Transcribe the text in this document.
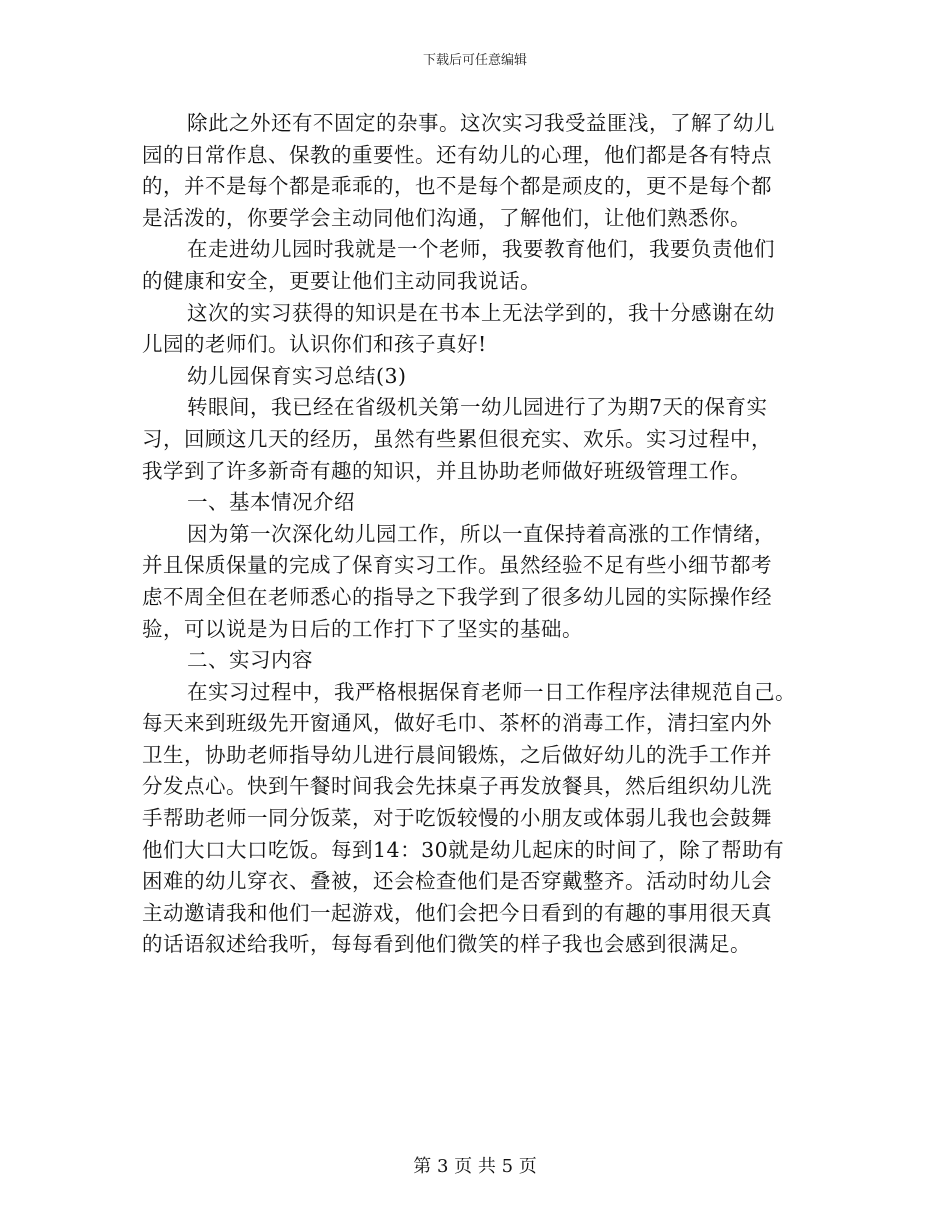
下载后可任意编辑
除此之外还有不固定的杂事。这次实习我受益匪浅，了解了幼儿
园的日常作息、保教的重要性。还有幼儿的心理，他们都是各有特点
的，并不是每个都是乖乖的，也不是每个都是顽皮的，更不是每个都
是活泼的，你要学会主动同他们沟通，了解他们，让他们熟悉你。
在走进幼儿园时我就是一个老师，我要教育他们，我要负责他们
的健康和安全，更要让他们主动同我说话。
这次的实习获得的知识是在书本上无法学到的，我十分感谢在幼
儿园的老师们。认识你们和孩子真好!
幼儿园保育实习总结(3)
转眼间，我已经在省级机关第一幼儿园进行了为期7天的保育实
习，回顾这几天的经历，虽然有些累但很充实、欢乐。实习过程中，
我学到了许多新奇有趣的知识，并且协助老师做好班级管理工作。
一、基本情况介绍
因为第一次深化幼儿园工作，所以一直保持着高涨的工作情绪，
并且保质保量的完成了保育实习工作。虽然经验不足有些小细节都考
虑不周全但在老师悉心的指导之下我学到了很多幼儿园的实际操作经
验，可以说是为日后的工作打下了坚实的基础。
二、实习内容
在实习过程中，我严格根据保育老师一日工作程序法律规范自己。
每天来到班级先开窗通风，做好毛巾、茶杯的消毒工作，清扫室内外
卫生，协助老师指导幼儿进行晨间锻炼，之后做好幼儿的洗手工作并
分发点心。快到午餐时间我会先抹桌子再发放餐具，然后组织幼儿洗
手帮助老师一同分饭菜，对于吃饭较慢的小朋友或体弱儿我也会鼓舞
他们大口大口吃饭。每到14：30就是幼儿起床的时间了，除了帮助有
困难的幼儿穿衣、叠被，还会检查他们是否穿戴整齐。活动时幼儿会
主动邀请我和他们一起游戏，他们会把今日看到的有趣的事用很天真
的话语叙述给我听，每每看到他们微笑的样子我也会感到很满足。
第 3 页 共 5 页
